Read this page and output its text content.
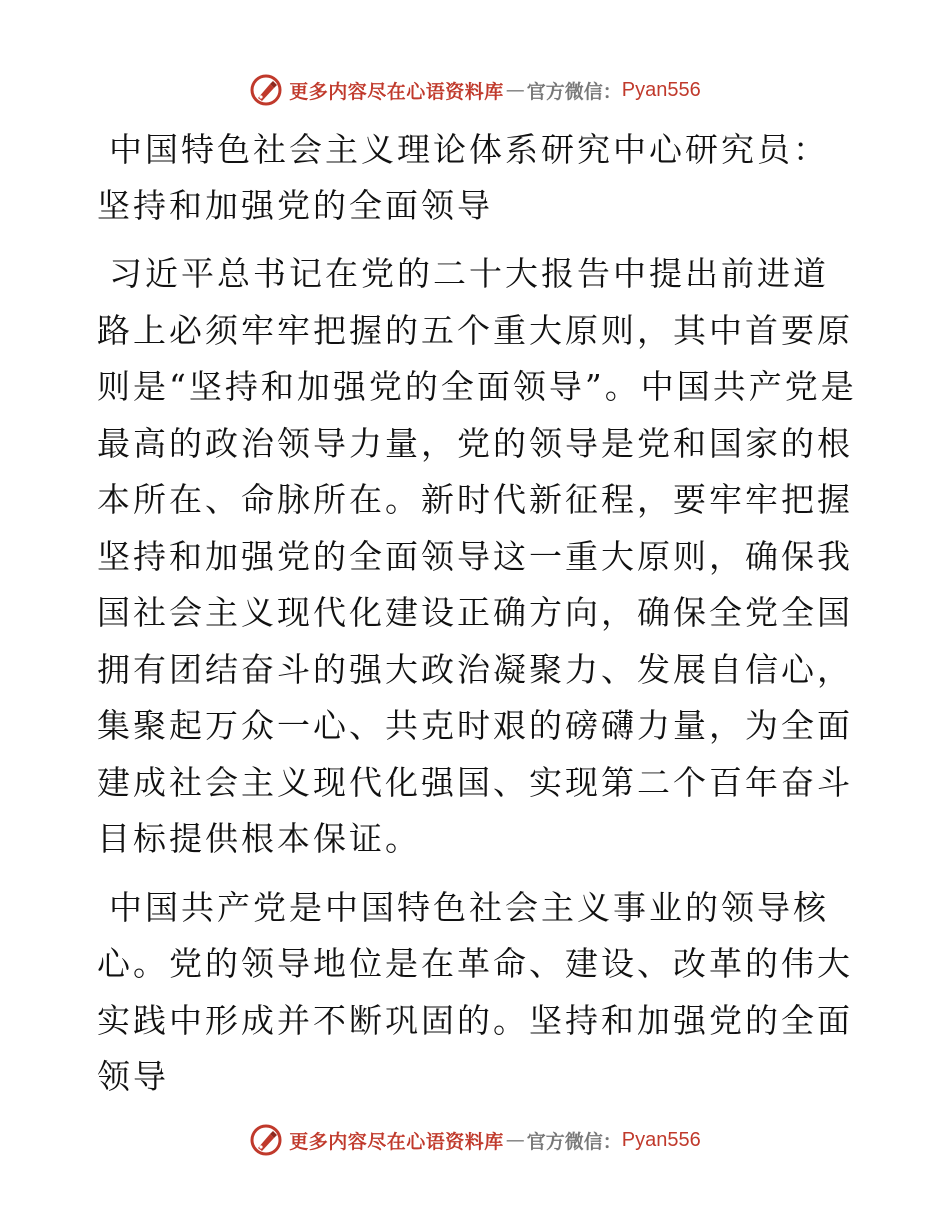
更多内容尽在心语资料库 — 官方微信： Pyan556
中国特色社会主义理论体系研究中心研究员：坚持和加强党的全面领导

习近平总书记在党的二十大报告中提出前进道路上必须牢牢把握的五个重大原则，其中首要原则是“坚持和加强党的全面领导”。中国共产党是最高的政治领导力量，党的领导是党和国家的根本所在、命脉所在。新时代新征程，要牢牢把握坚持和加强党的全面领导这一重大原则，确保我国社会主义现代化建设正确方向，确保全党全国拥有团结奋斗的强大政治凝聚力、发展自信心，集聚起万众一心、共克时艰的磅礴力量，为全面建成社会主义现代化强国、实现第二个百年奋斗目标提供根本保证。

中国共产党是中国特色社会主义事业的领导核心。党的领导地位是在革命、建设、改革的伟大实践中形成并不断巩固的。坚持和加强党的全面领导

更多内容尽在心语资料库 — 官方微信： Pyan556
